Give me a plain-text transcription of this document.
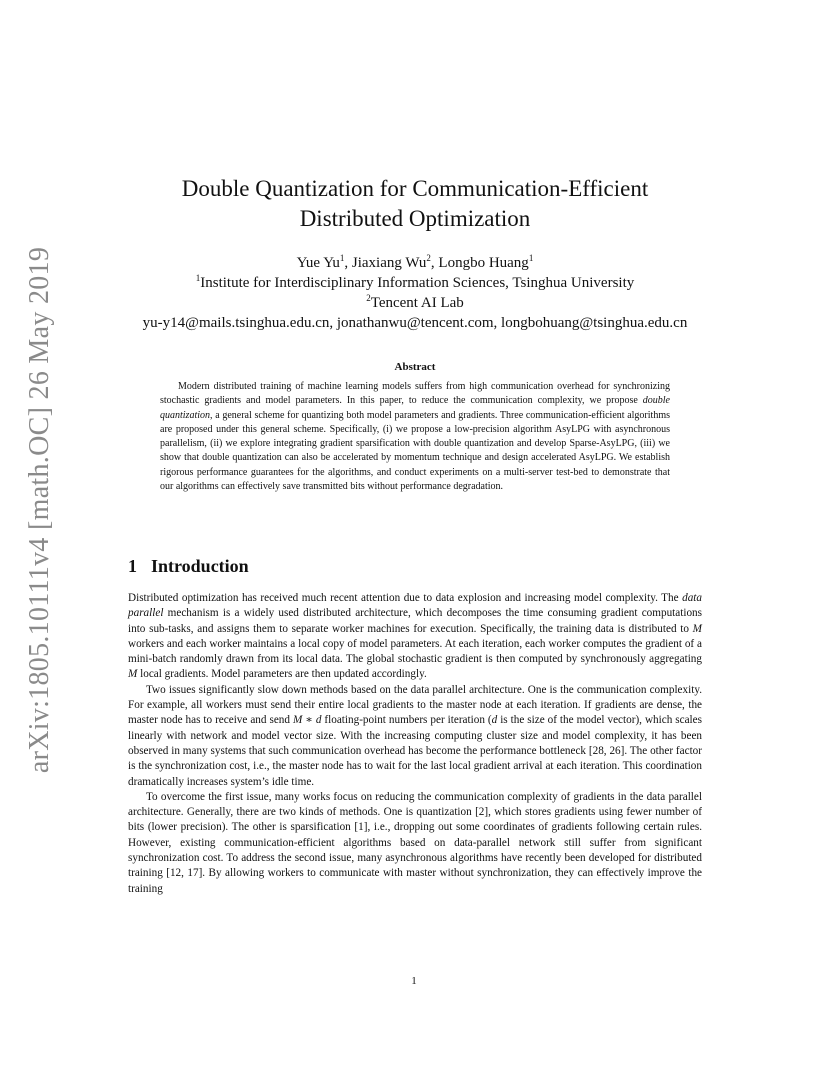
arXiv:1805.10111v4 [math.OC] 26 May 2019
Double Quantization for Communication-Efficient
Distributed Optimization
Yue Yu$^1$, Jiaxiang Wu$^2$, Longbo Huang$^1$
$^1$Institute for Interdisciplinary Information Sciences, Tsinghua University
$^2$Tencent AI Lab
yu-y14@mails.tsinghua.edu.cn, jonathanwu@tencent.com, longbohuang@tsinghua.edu.cn
Abstract

Modern distributed training of machine learning models suffers from high communication overhead for synchronizing stochastic gradients and model parameters. In this paper, to reduce the communication complexity, we propose double quantization, a general scheme for quantizing both model parameters and gradients. Three communication-efficient algorithms are proposed under this general scheme. Specifically, (i) we propose a low-precision algorithm AsyLPG with asynchronous parallelism, (ii) we explore integrating gradient sparsification with double quantization and develop Sparse-AsyLPG, (iii) we show that double quantization can also be accelerated by momentum technique and design accelerated AsyLPG. We establish rigorous performance guarantees for the algorithms, and conduct experiments on a multi-server test-bed to demonstrate that our algorithms can effectively save transmitted bits without performance degradation.

1 Introduction

Distributed optimization has received much recent attention due to data explosion and increasing model complexity. The data parallel mechanism is a widely used distributed architecture, which decomposes the time consuming gradient computations into sub-tasks, and assigns them to separate worker machines for execution. Specifically, the training data is distributed to M workers and each worker maintains a local copy of model parameters. At each iteration, each worker computes the gradient of a mini-batch randomly drawn from its local data. The global stochastic gradient is then computed by synchronously aggregating M local gradients. Model parameters are then updated accordingly.

Two issues significantly slow down methods based on the data parallel architecture. One is the communication complexity. For example, all workers must send their entire local gradients to the master node at each iteration. If gradients are dense, the master node has to receive and send M ∗ d floating-point numbers per iteration (d is the size of the model vector), which scales linearly with network and model vector size. With the increasing computing cluster size and model complexity, it has been observed in many systems that such communication overhead has become the performance bottleneck [28, 26]. The other factor is the synchronization cost, i.e., the master node has to wait for the last local gradient arrival at each iteration. This coordination dramatically increases system’s idle time.

To overcome the first issue, many works focus on reducing the communication complexity of gradients in the data parallel architecture. Generally, there are two kinds of methods. One is quantization [2], which stores gradients using fewer number of bits (lower precision). The other is sparsification [1], i.e., dropping out some coordinates of gradients following certain rules. However, existing communication-efficient algorithms based on data-parallel network still suffer from significant synchronization cost. To address the second issue, many asynchronous algorithms have recently been developed for distributed training [12, 17]. By allowing workers to communicate with master without synchronization, they can effectively improve the training

1
